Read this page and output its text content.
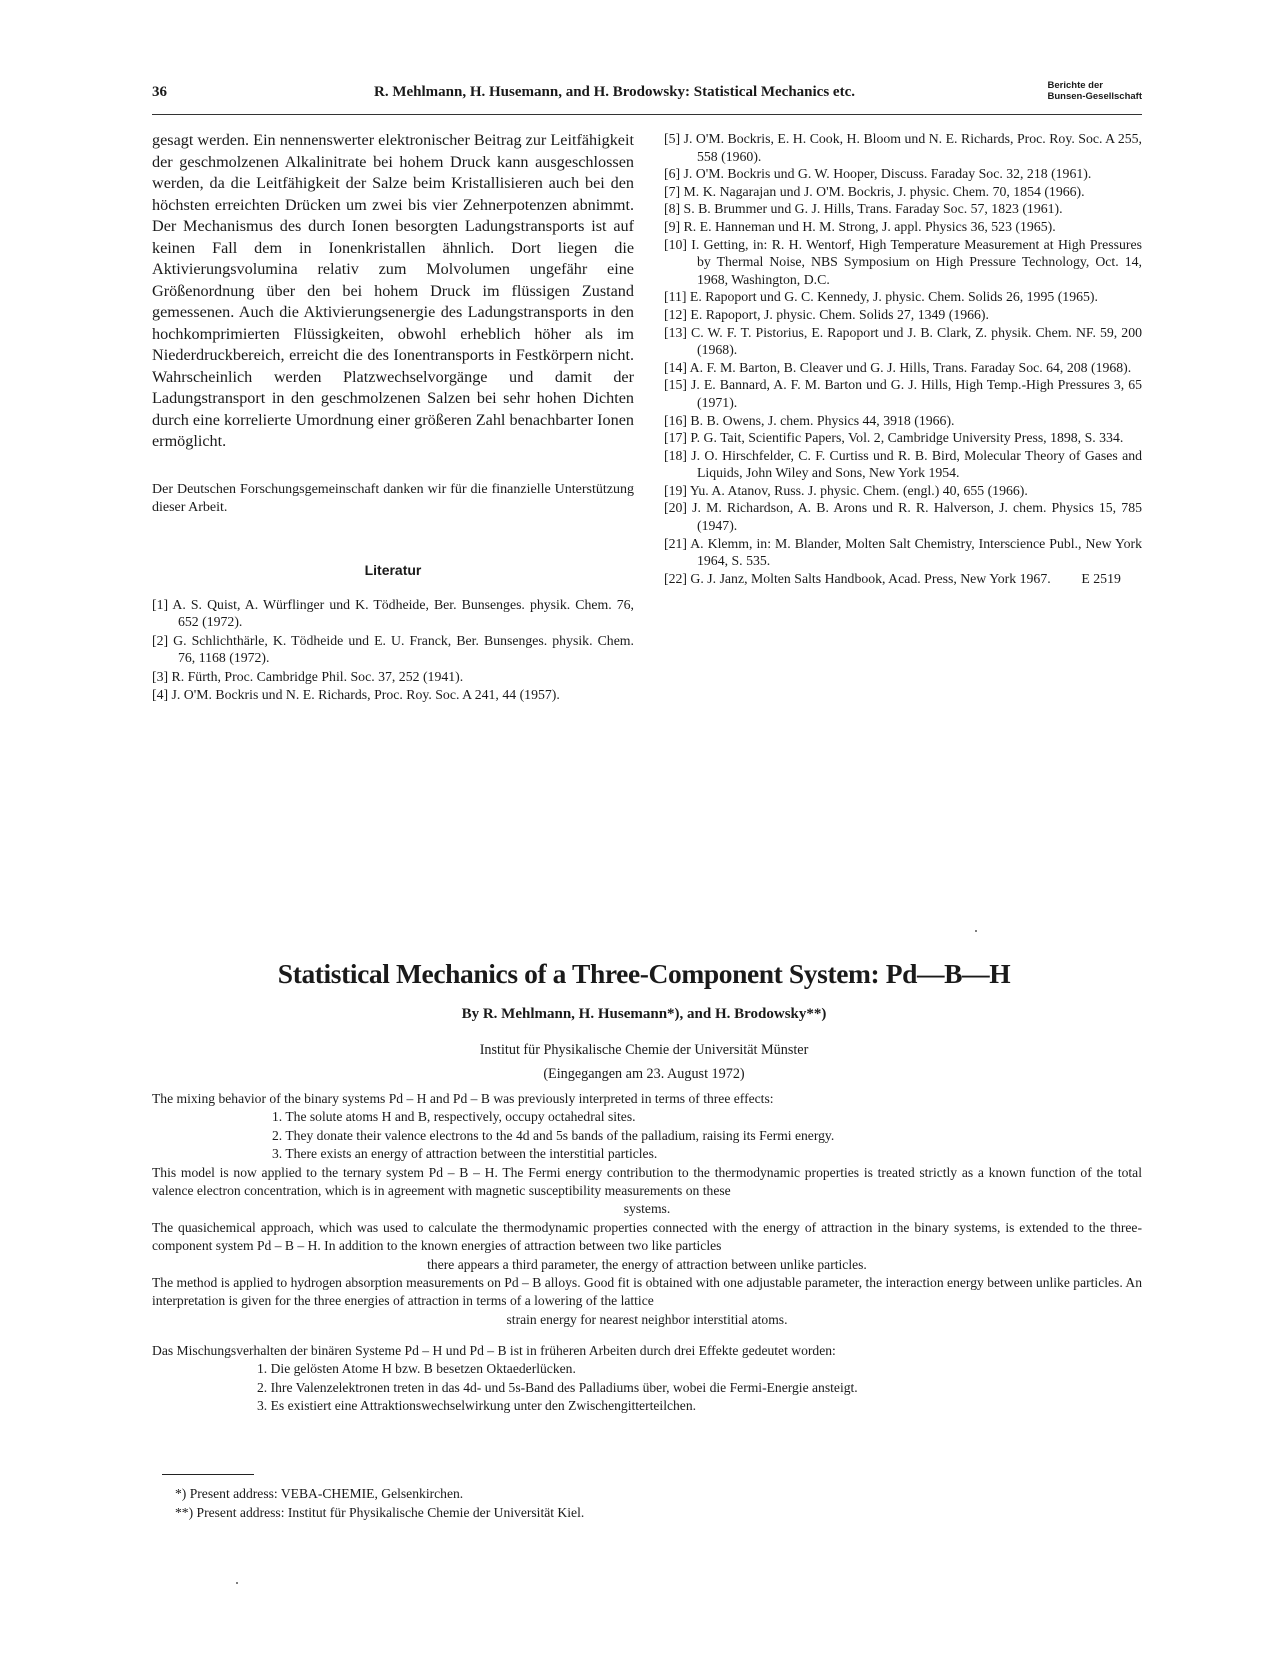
36	R. Mehlmann, H. Husemann, and H. Brodowsky: Statistical Mechanics etc.	Berichte der
Bunsen-Gesellschaft

gesagt werden. Ein nennenswerter elektronischer Beitrag zur Leitfähigkeit der geschmolzenen Alkalinitrate bei hohem Druck kann ausgeschlossen werden, da die Leitfähigkeit der Salze beim Kristallisieren auch bei den höchsten erreichten Drücken um zwei bis vier Zehnerpotenzen abnimmt. Der Mechanismus des durch Ionen besorgten Ladungstransports ist auf keinen Fall dem in Ionenkristallen ähnlich. Dort liegen die Aktivierungsvolumina relativ zum Molvolumen ungefähr eine Größenordnung über den bei hohem Druck im flüssigen Zustand gemessenen. Auch die Aktivierungsenergie des Ladungstransports in den hochkomprimierten Flüssigkeiten, obwohl erheblich höher als im Niederdruckbereich, erreicht die des Ionentransports in Festkörpern nicht. Wahrscheinlich werden Platzwechselvorgänge und damit der Ladungstransport in den geschmolzenen Salzen bei sehr hohen Dichten durch eine korrelierte Umordnung einer größeren Zahl benachbarter Ionen ermöglicht.

Der Deutschen Forschungsgemeinschaft danken wir für die finanzielle Unterstützung dieser Arbeit.

Literatur
[1] A. S. Quist, A. Würflinger und K. Tödheide, Ber. Bunsenges. physik. Chem. 76, 652 (1972).
[2] G. Schlichthärle, K. Tödheide und E. U. Franck, Ber. Bunsenges. physik. Chem. 76, 1168 (1972).
[3] R. Fürth, Proc. Cambridge Phil. Soc. 37, 252 (1941).
[4] J. O'M. Bockris und N. E. Richards, Proc. Roy. Soc. A 241, 44 (1957).
[5] J. O'M. Bockris, E. H. Cook, H. Bloom und N. E. Richards, Proc. Roy. Soc. A 255, 558 (1960).
[6] J. O'M. Bockris und G. W. Hooper, Discuss. Faraday Soc. 32, 218 (1961).
[7] M. K. Nagarajan und J. O'M. Bockris, J. physic. Chem. 70, 1854 (1966).
[8] S. B. Brummer und G. J. Hills, Trans. Faraday Soc. 57, 1823 (1961).
[9] R. E. Hanneman und H. M. Strong, J. appl. Physics 36, 523 (1965).
[10] I. Getting, in: R. H. Wentorf, High Temperature Measurement at High Pressures by Thermal Noise, NBS Symposium on High Pressure Technology, Oct. 14, 1968, Washington, D.C.
[11] E. Rapoport und G. C. Kennedy, J. physic. Chem. Solids 26, 1995 (1965).
[12] E. Rapoport, J. physic. Chem. Solids 27, 1349 (1966).
[13] C. W. F. T. Pistorius, E. Rapoport und J. B. Clark, Z. physik. Chem. NF. 59, 200 (1968).
[14] A. F. M. Barton, B. Cleaver und G. J. Hills, Trans. Faraday Soc. 64, 208 (1968).
[15] J. E. Bannard, A. F. M. Barton und G. J. Hills, High Temp.-High Pressures 3, 65 (1971).
[16] B. B. Owens, J. chem. Physics 44, 3918 (1966).
[17] P. G. Tait, Scientific Papers, Vol. 2, Cambridge University Press, 1898, S. 334.
[18] J. O. Hirschfelder, C. F. Curtiss und R. B. Bird, Molecular Theory of Gases and Liquids, John Wiley and Sons, New York 1954.
[19] Yu. A. Atanov, Russ. J. physic. Chem. (engl.) 40, 655 (1966).
[20] J. M. Richardson, A. B. Arons und R. R. Halverson, J. chem. Physics 15, 785 (1947).
[21] A. Klemm, in: M. Blander, Molten Salt Chemistry, Interscience Publ., New York 1964, S. 535.
[22] G. J. Janz, Molten Salts Handbook, Acad. Press, New York 1967. E 2519
Statistical Mechanics of a Three-Component System: Pd—B—H
By R. Mehlmann, H. Husemann*), and H. Brodowsky**)
Institut für Physikalische Chemie der Universität Münster
(Eingegangen am 23. August 1972)

The mixing behavior of the binary systems Pd – H and Pd – B was previously interpreted in terms of three effects:

1. The solute atoms H and B, respectively, occupy octahedral sites.

2. They donate their valence electrons to the 4d and 5s bands of the palladium, raising its Fermi energy.

3. There exists an energy of attraction between the interstitial particles.

This model is now applied to the ternary system Pd – B – H. The Fermi energy contribution to the thermodynamic properties is treated strictly as a known function of the total valence electron concentration, which is in agreement with magnetic susceptibility measurements on these

systems.

The quasichemical approach, which was used to calculate the thermodynamic properties connected with the energy of attraction in the binary systems, is extended to the three-component system Pd – B – H. In addition to the known energies of attraction between two like particles

there appears a third parameter, the energy of attraction between unlike particles.

The method is applied to hydrogen absorption measurements on Pd – B alloys. Good fit is obtained with one adjustable parameter, the interaction energy between unlike particles. An interpretation is given for the three energies of attraction in terms of a lowering of the lattice

strain energy for nearest neighbor interstitial atoms.

Das Mischungsverhalten der binären Systeme Pd – H und Pd – B ist in früheren Arbeiten durch drei Effekte gedeutet worden:

1. Die gelösten Atome H bzw. B besetzen Oktaederlücken.

2. Ihre Valenzelektronen treten in das 4d- und 5s-Band des Palladiums über, wobei die Fermi-Energie ansteigt.

3. Es existiert eine Attraktionswechselwirkung unter den Zwischengitterteilchen.

*) Present address: VEBA-CHEMIE, Gelsenkirchen.

**) Present address: Institut für Physikalische Chemie der Universität Kiel.
